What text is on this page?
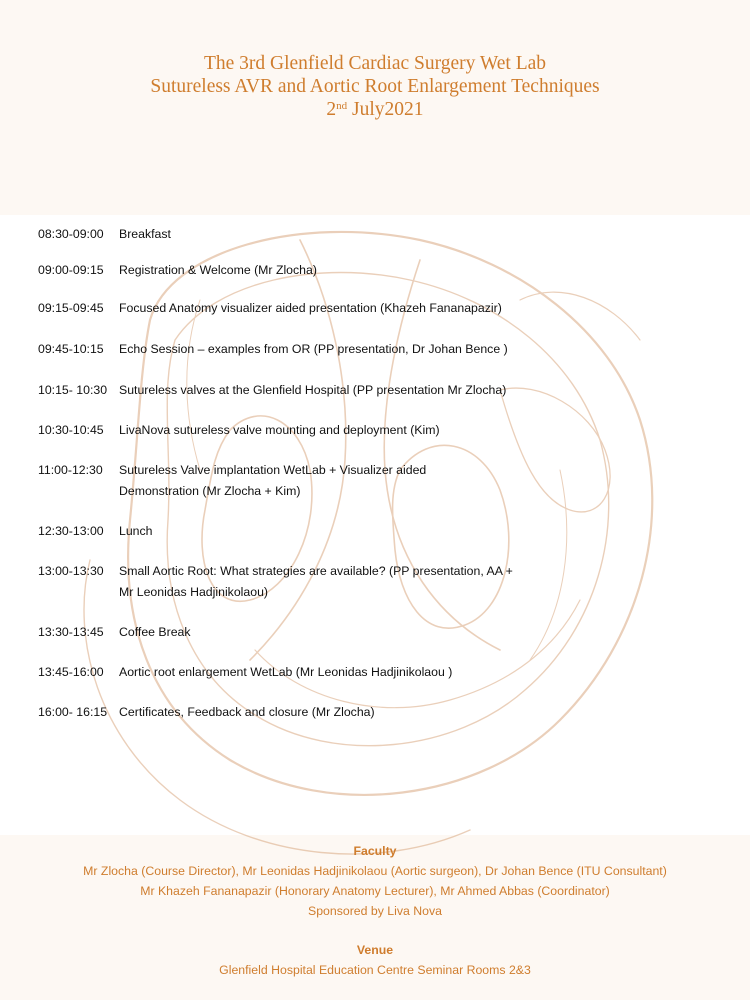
The 3rd Glenfield Cardiac Surgery Wet Lab
Sutureless AVR and Aortic Root Enlargement Techniques
2nd July2021
08:30-09:00 Breakfast
09:00-09:15 Registration & Welcome (Mr Zlocha)
09:15-09:45 Focused Anatomy visualizer aided presentation (Khazeh Fananapazir)
09:45-10:15 Echo Session – examples from OR (PP presentation, Dr Johan Bence )
10:15- 10:30 Sutureless valves at the Glenfield Hospital (PP presentation Mr Zlocha)
10:30-10:45 LivaNova sutureless valve mounting and deployment (Kim)
11:00-12:30 Sutureless Valve implantation WetLab + Visualizer aided
Demonstration (Mr Zlocha + Kim)
12:30-13:00 Lunch
13:00-13:30 Small Aortic Root: What strategies are available? (PP presentation, AA +
Mr Leonidas Hadjinikolaou)
13:30-13:45 Coffee Break
13:45-16:00 Aortic root enlargement WetLab (Mr Leonidas Hadjinikolaou )
16:00- 16:15 Certificates, Feedback and closure (Mr Zlocha)
Faculty
Mr Zlocha (Course Director), Mr Leonidas Hadjinikolaou (Aortic surgeon), Dr Johan Bence (ITU Consultant)
Mr Khazeh Fananapazir (Honorary Anatomy Lecturer), Mr Ahmed Abbas (Coordinator)
Sponsored by Liva Nova
Venue
Glenfield Hospital Education Centre Seminar Rooms 2&3
